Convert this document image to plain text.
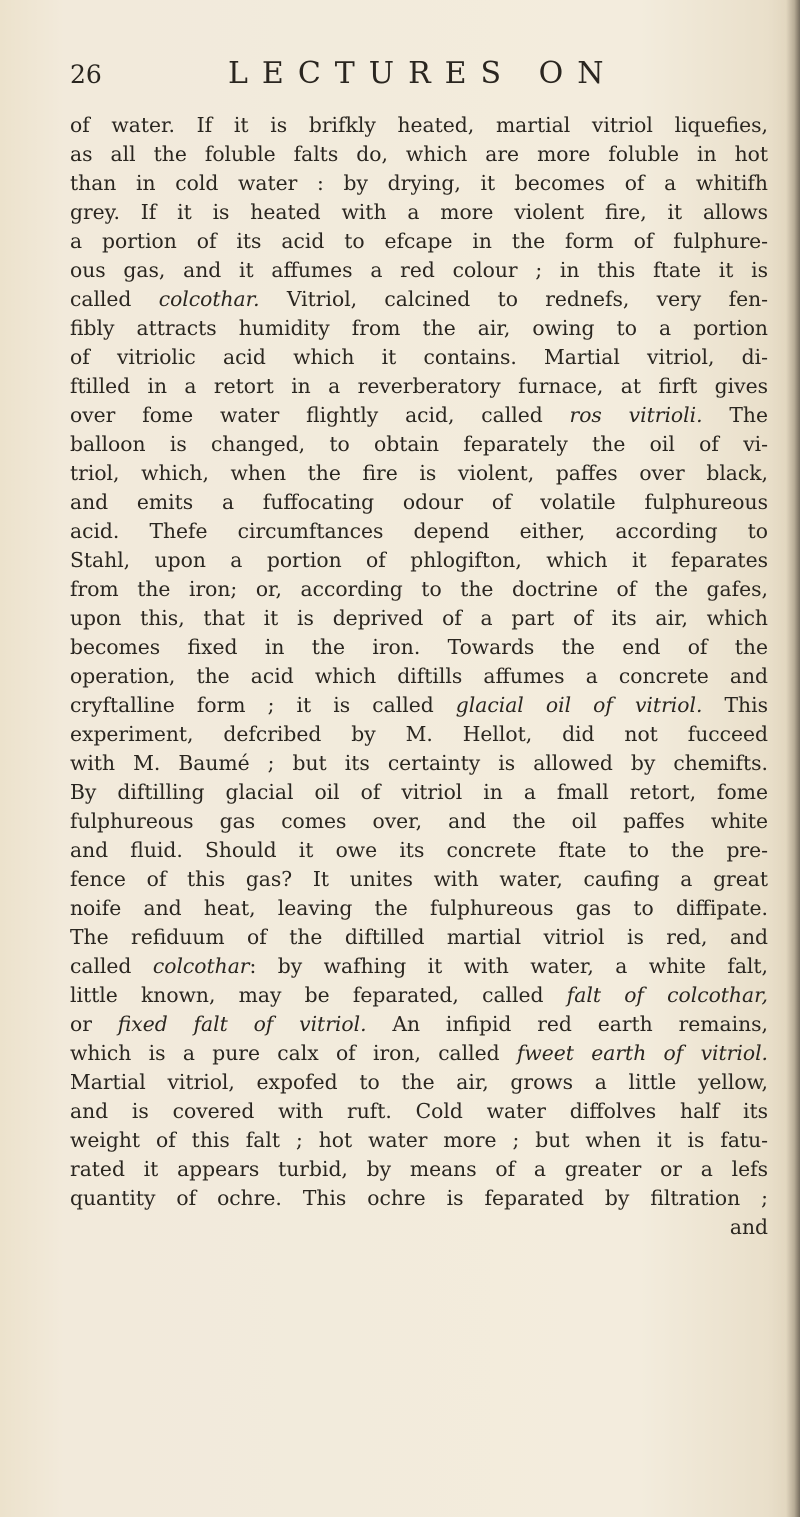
26	LECTURES ON
of water. If it is brifkly heated, martial vitriol liquefies,
as all the foluble falts do, which are more foluble in hot
than in cold water : by drying, it becomes of a whitifh
grey. If it is heated with a more violent fire, it allows
a portion of its acid to efcape in the form of fulphure-
ous gas, and it affumes a red colour ; in this ftate it is
called colcothar. Vitriol, calcined to rednefs, very fen-
fibly attracts humidity from the air, owing to a portion
of vitriolic acid which it contains. Martial vitriol, di-
ftilled in a retort in a reverberatory furnace, at firft gives
over fome water flightly acid, called ros vitrioli. The
balloon is changed, to obtain feparately the oil of vi-
triol, which, when the fire is violent, paffes over black,
and emits a fuffocating odour of volatile fulphureous
acid. Thefe circumftances depend either, according to
Stahl, upon a portion of phlogifton, which it feparates
from the iron; or, according to the doctrine of the gafes,
upon this, that it is deprived of a part of its air, which
becomes fixed in the iron. Towards the end of the
operation, the acid which diftills affumes a concrete and
cryftalline form ; it is called glacial oil of vitriol. This
experiment, defcribed by M. Hellot, did not fucceed
with M. Baumé ; but its certainty is allowed by chemifts.
By diftilling glacial oil of vitriol in a fmall retort, fome
fulphureous gas comes over, and the oil paffes white
and fluid. Should it owe its concrete ftate to the pre-
fence of this gas? It unites with water, caufing a great
noife and heat, leaving the fulphureous gas to diffipate.
The refiduum of the diftilled martial vitriol is red, and
called colcothar: by wafhing it with water, a white falt,
little known, may be feparated, called falt of colcothar,
or fixed falt of vitriol. An infipid red earth remains,
which is a pure calx of iron, called fweet earth of vitriol.
Martial vitriol, expofed to the air, grows a little yellow,
and is covered with ruft. Cold water diffolves half its
weight of this falt ; hot water more ; but when it is fatu-
rated it appears turbid, by means of a greater or a lefs
quantity of ochre. This ochre is feparated by filtration ;
and
